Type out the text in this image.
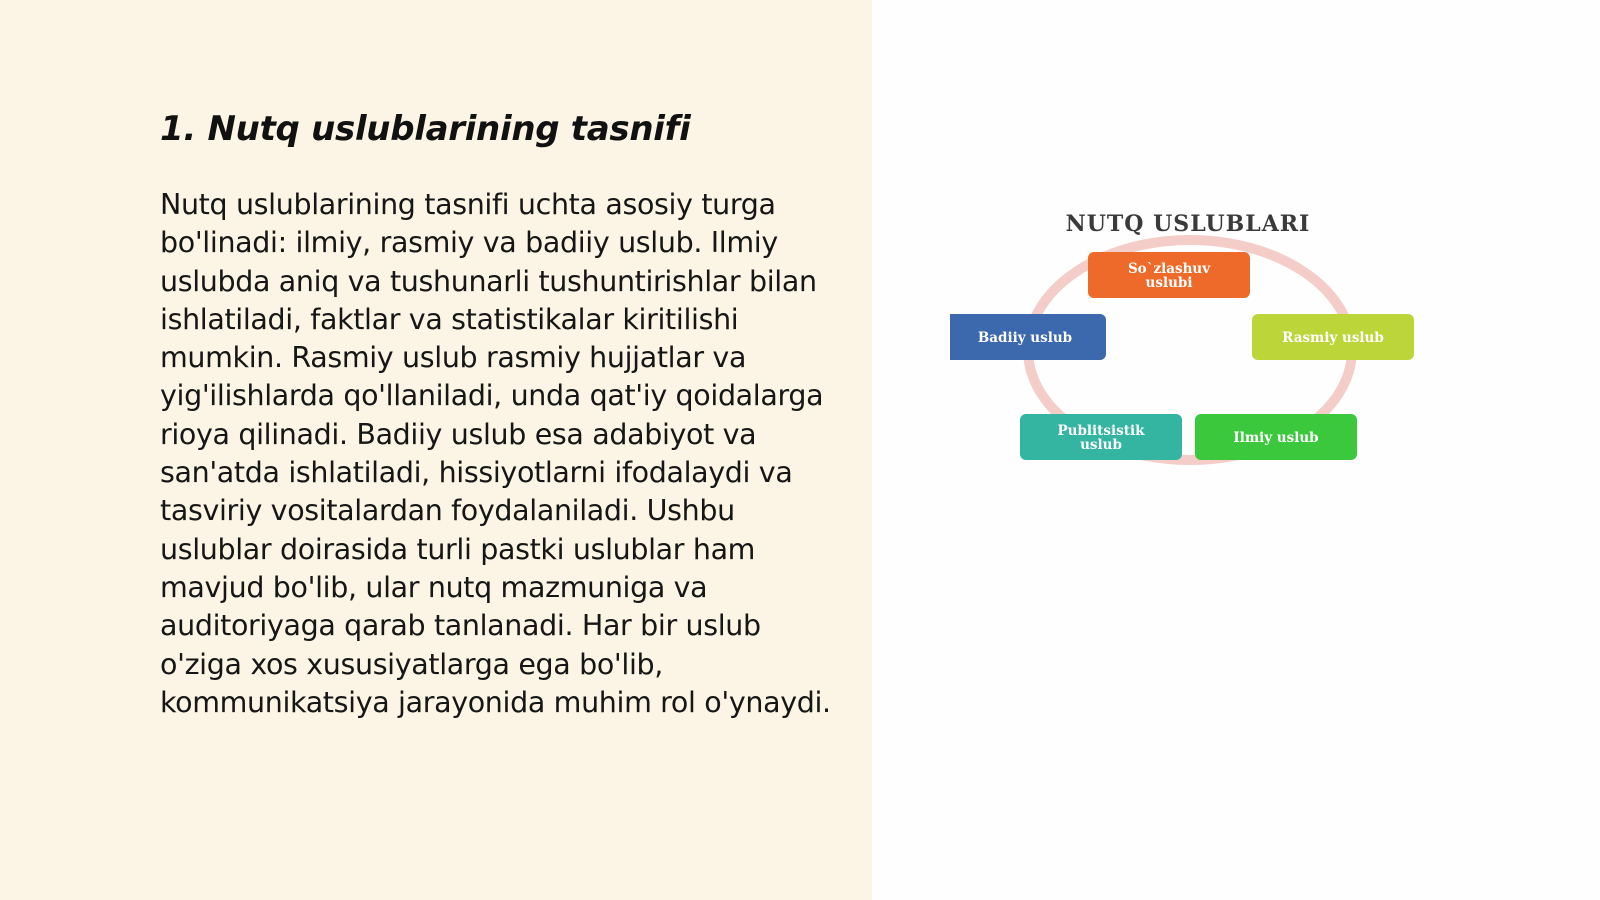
1. Nutq uslublarining tasnifi

Nutq uslublarining tasnifi uchta asosiy turga bo'linadi: ilmiy, rasmiy va badiiy uslub. Ilmiy uslubda aniq va tushunarli tushuntirishlar bilan ishlatiladi, faktlar va statistikalar kiritilishi mumkin. Rasmiy uslub rasmiy hujjatlar va yig'ilishlarda qo'llaniladi, unda qat'iy qoidalarga rioya qilinadi. Badiiy uslub esa adabiyot va san'atda ishlatiladi, hissiyotlarni ifodalaydi va tasviriy vositalardan foydalaniladi. Ushbu uslublar doirasida turli pastki uslublar ham mavjud bo'lib, ular nutq mazmuniga va auditoriyaga qarab tanlanadi. Har bir uslub o'ziga xos xususiyatlarga ega bo'lib, kommunikatsiya jarayonida muhim rol o'ynaydi.

NUTQ USLUBLARI
So`zlashuv uslubi
Rasmiy uslub
Ilmiy uslub
Publitsistik uslub
Badiiy uslub
